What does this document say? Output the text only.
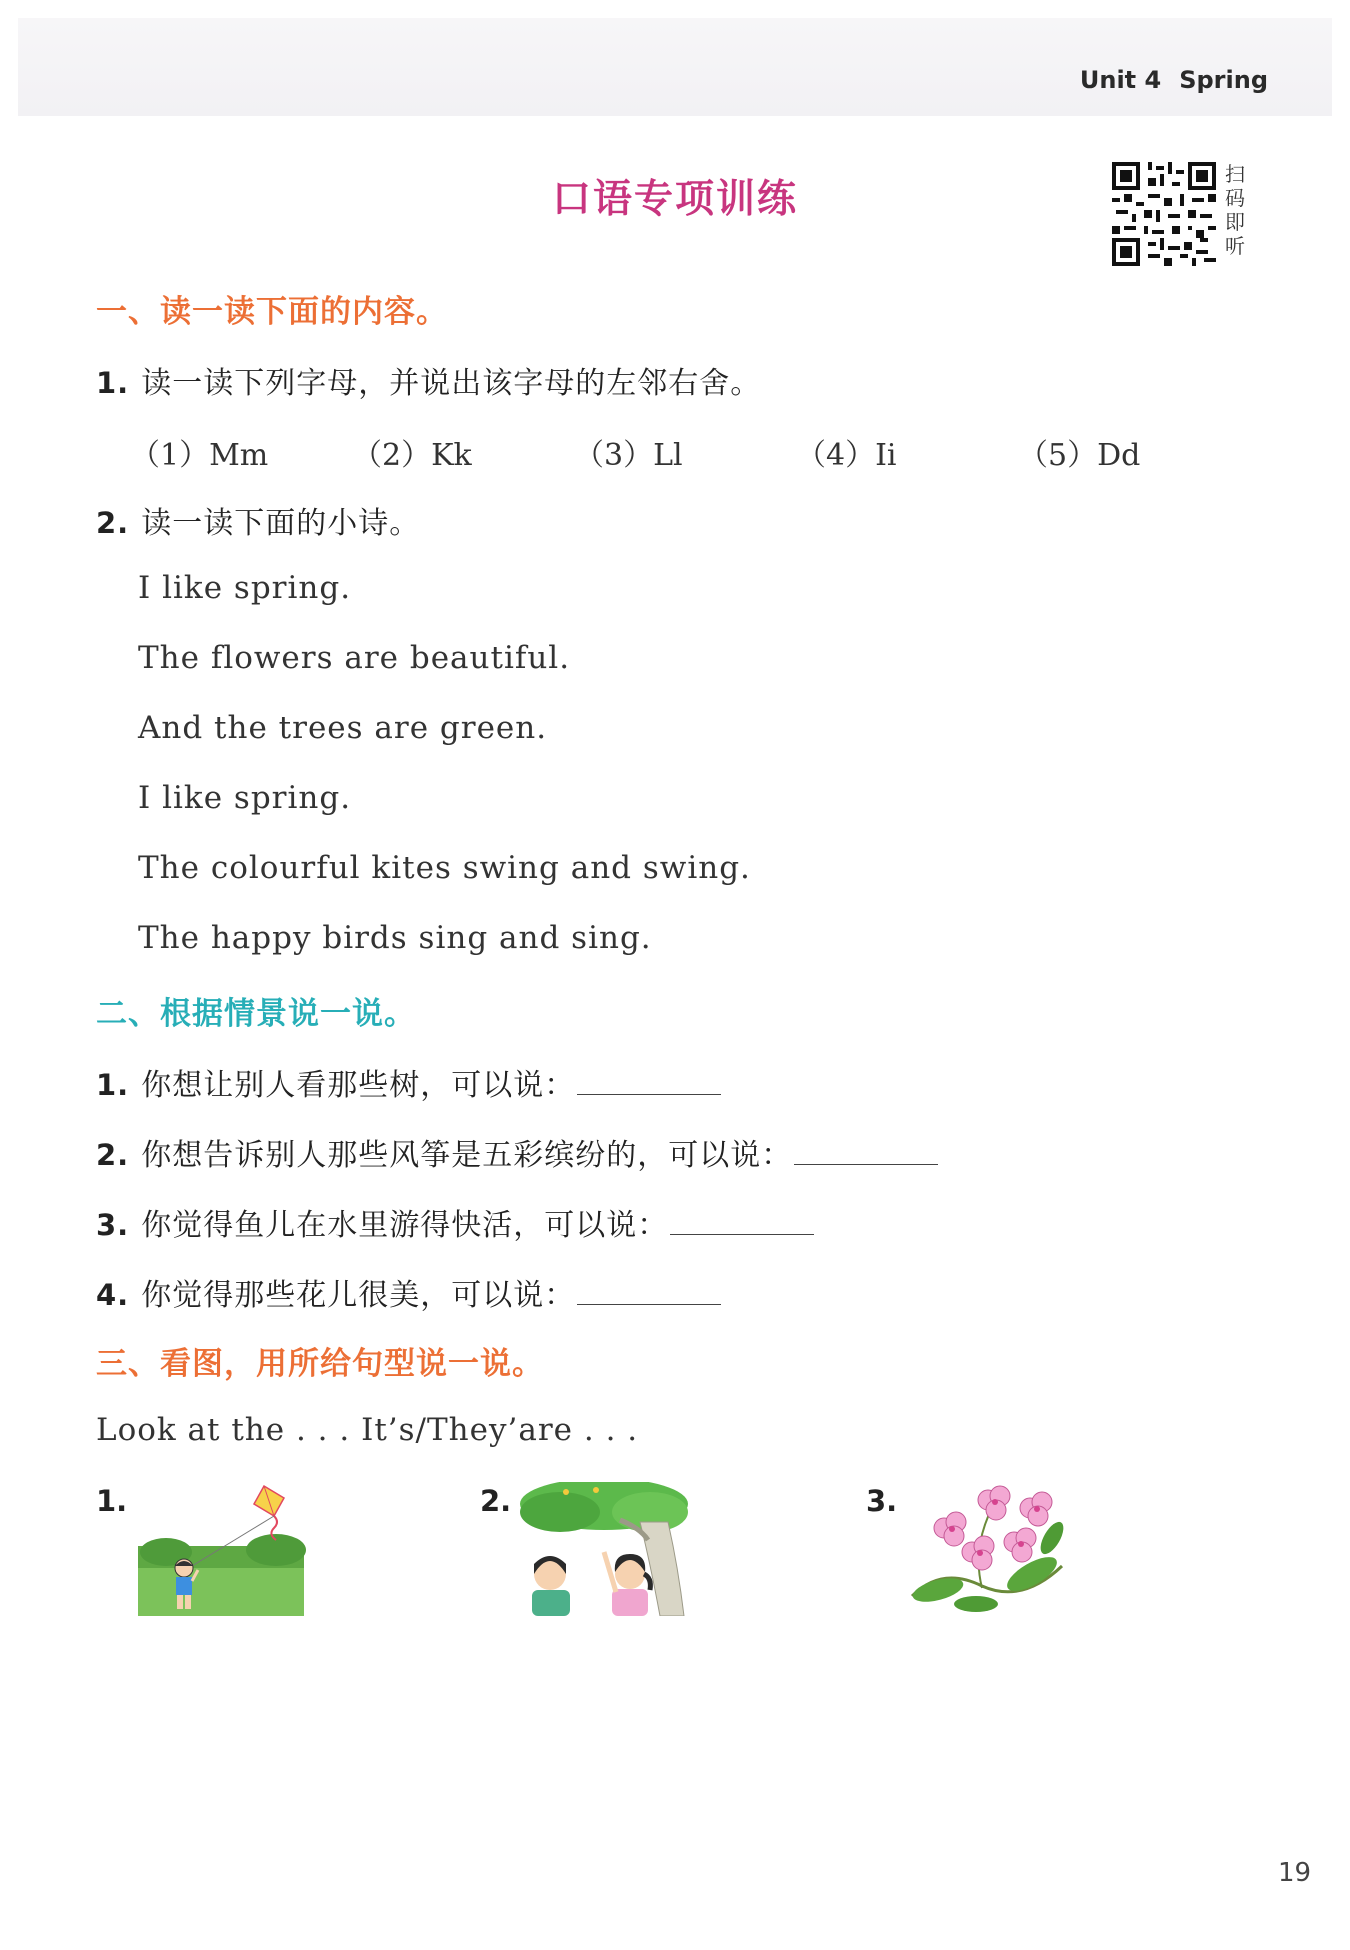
Unit 4 Spring
口语专项训练
扫
码
即
听
一、读一读下面的内容。
1. 读一读下列字母，并说出该字母的左邻右舍。
（1）Mm	（2）Kk	（3）Ll	（4）Ii	（5）Dd
2. 读一读下面的小诗。
I like spring.
The flowers are beautiful.
And the trees are green.
I like spring.
The colourful kites swing and swing.
The happy birds sing and sing.
二、根据情景说一说。
1. 你想让别人看那些树，可以说：
2. 你想告诉别人那些风筝是五彩缤纷的，可以说：
3. 你觉得鱼儿在水里游得快活，可以说：
4. 你觉得那些花儿很美，可以说：
三、看图，用所给句型说一说。
Look at the . . . It’s/They’are . . .
1.	2.	3.
19
